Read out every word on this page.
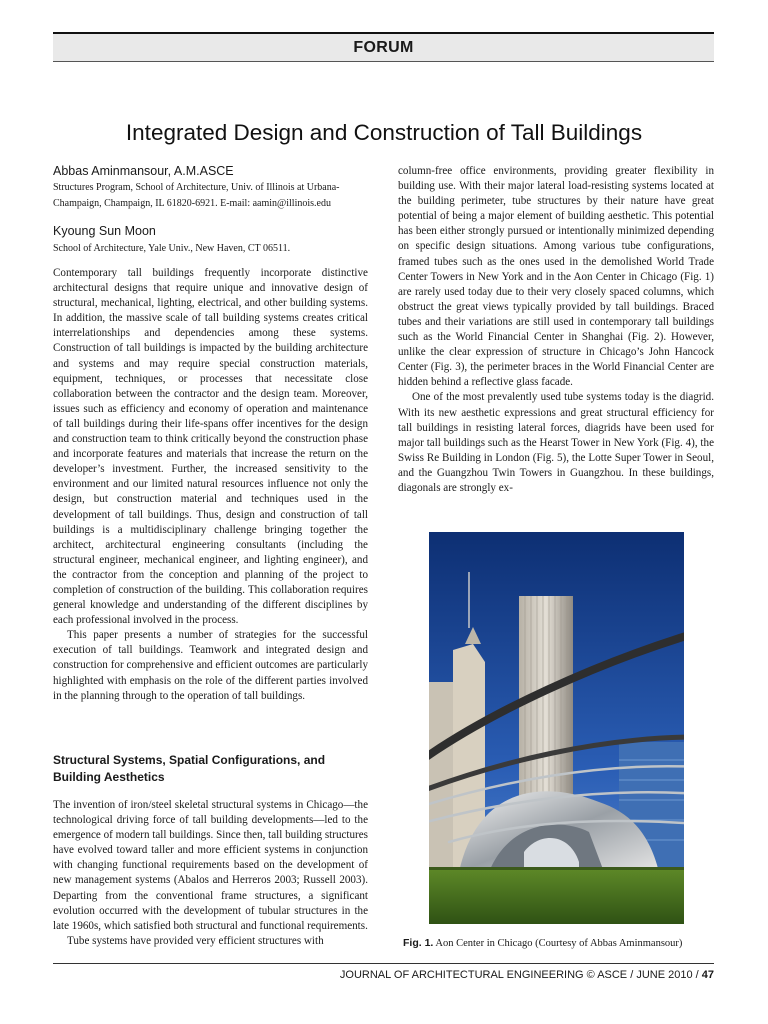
FORUM
Integrated Design and Construction of Tall Buildings
Abbas Aminmansour, A.M.ASCE
Structures Program, School of Architecture, Univ. of Illinois at Urbana-Champaign, Champaign, IL 61820-6921. E-mail: aamin@illinois.edu
Kyoung Sun Moon
School of Architecture, Yale Univ., New Haven, CT 06511.

Contemporary tall buildings frequently incorporate distinctive architectural designs that require unique and innovative design of structural, mechanical, lighting, electrical, and other building systems. In addition, the massive scale of tall building systems creates critical interrelationships and dependencies among these systems. Construction of tall buildings is impacted by the building architecture and systems and may require special construction materials, equipment, techniques, or processes that necessitate close collaboration between the contractor and the design team. Moreover, issues such as efficiency and economy of operation and maintenance of tall buildings during their life-spans offer incentives for the design and construction team to think critically beyond the construction phase and incorporate features and materials that increase the return on the developer’s investment. Further, the increased sensitivity to the environment and our limited natural resources influence not only the design, but construction material and techniques used in the development of tall buildings. Thus, design and construction of tall buildings is a multidisciplinary challenge bringing together the architect, architectural engineering consultants (including the structural engineer, mechanical engineer, and lighting engineer), and the contractor from the conception and planning of the project to completion of construction of the building. This collaboration requires general knowledge and understanding of the different disciplines by each professional involved in the process.

This paper presents a number of strategies for the successful execution of tall buildings. Teamwork and integrated design and construction for comprehensive and efficient outcomes are particularly highlighted with emphasis on the role of the different parties involved in the planning through to the operation of tall buildings.

Structural Systems, Spatial Configurations, and Building Aesthetics

The invention of iron/steel skeletal structural systems in Chicago—the technological driving force of tall building developments—led to the emergence of modern tall buildings. Since then, tall building structures have evolved toward taller and more efficient systems in conjunction with changing functional requirements based on the development of new management systems (Abalos and Herreros 2003; Russell 2003). Departing from the conventional frame structures, a significant evolution occurred with the development of tubular structures in the late 1960s, which satisfied both structural and functional requirements.

Tube systems have provided very efficient structures with

column-free office environments, providing greater flexibility in building use. With their major lateral load-resisting systems located at the building perimeter, tube structures by their nature have great potential of being a major element of building aesthetic. This potential has been either strongly pursued or intentionally minimized depending on specific design situations. Among various tube configurations, framed tubes such as the ones used in the demolished World Trade Center Towers in New York and in the Aon Center in Chicago (Fig. 1) are rarely used today due to their very closely spaced columns, which obstruct the great views typically provided by tall buildings. Braced tubes and their variations are still used in contemporary tall buildings such as the World Financial Center in Shanghai (Fig. 2). However, unlike the clear expression of structure in Chicago’s John Hancock Center (Fig. 3), the perimeter braces in the World Financial Center are hidden behind a reflective glass facade.

One of the most prevalently used tube systems today is the diagrid. With its new aesthetic expressions and great structural efficiency for tall buildings in resisting lateral forces, diagrids have been used for major tall buildings such as the Hearst Tower in New York (Fig. 4), the Swiss Re Building in London (Fig. 5), the Lotte Super Tower in Seoul, and the Guangzhou Twin Towers in Guangzhou. In these buildings, diagonals are strongly ex-

Fig. 1. Aon Center in Chicago (Courtesy of Abbas Aminmansour)
JOURNAL OF ARCHITECTURAL ENGINEERING © ASCE / JUNE 2010 / 47
